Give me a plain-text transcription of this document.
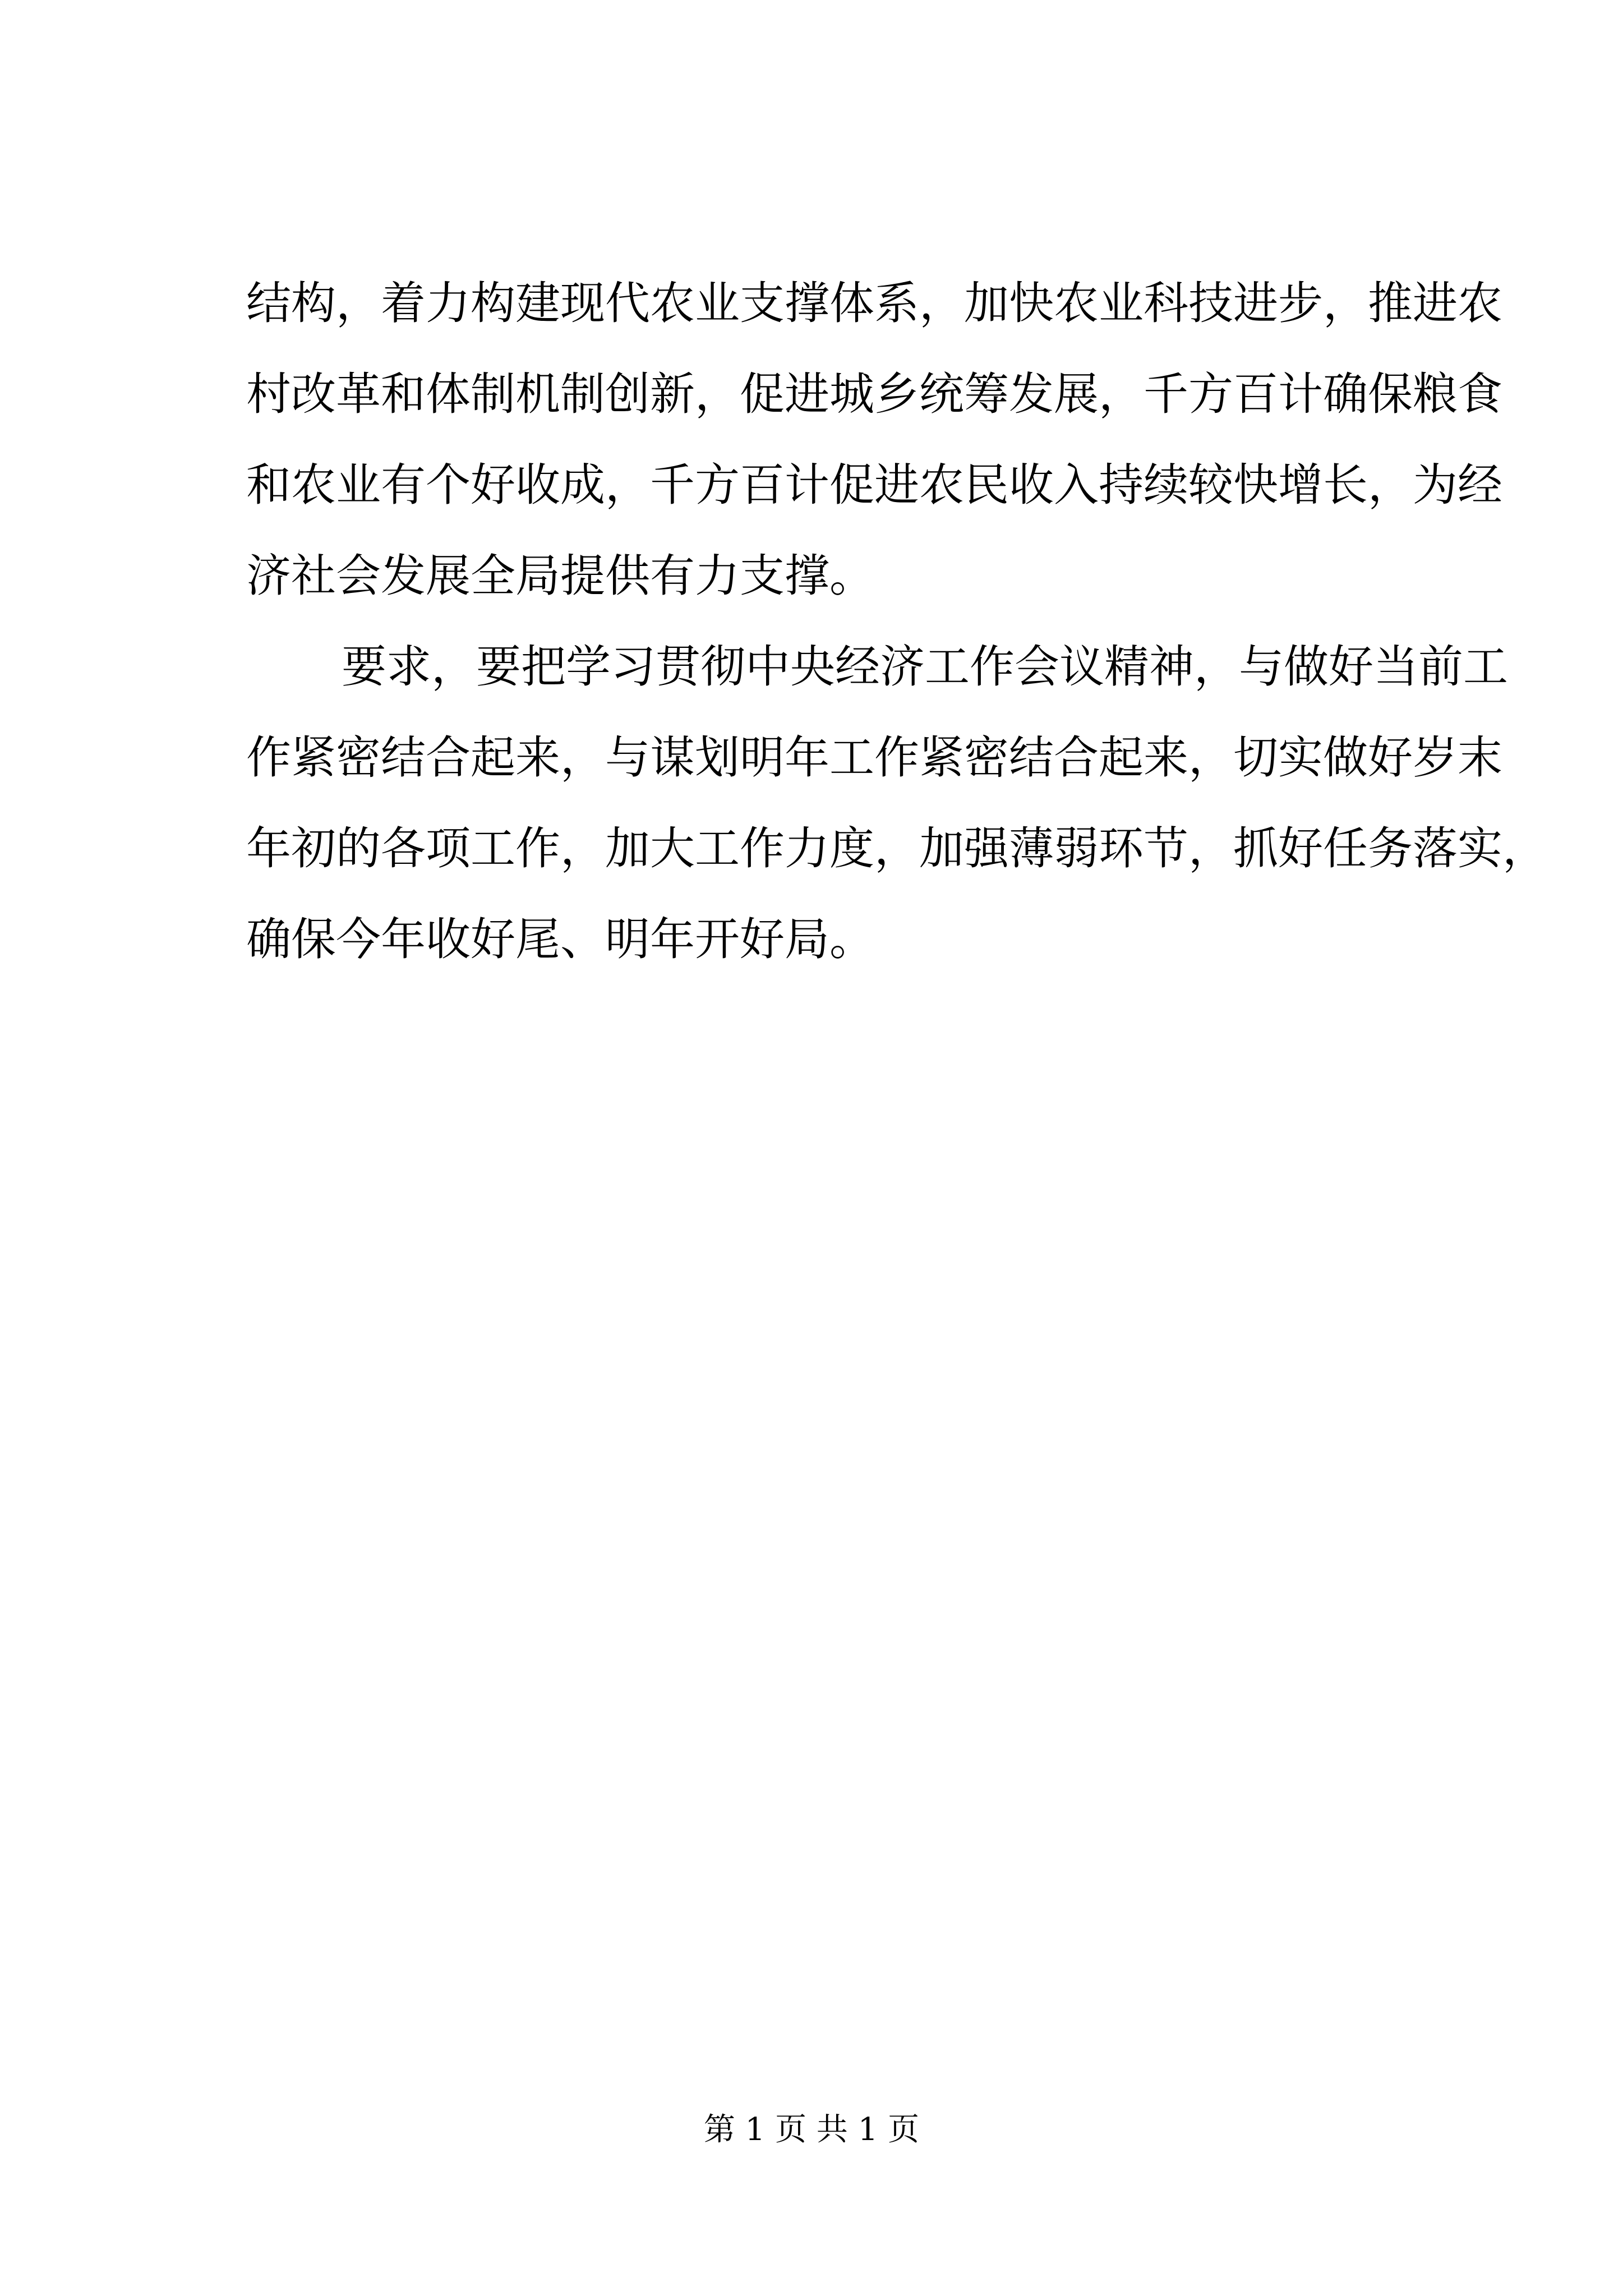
结构，着力构建现代农业支撑体系，加快农业科技进步，推进农
村改革和体制机制创新，促进城乡统筹发展，千方百计确保粮食
和农业有个好收成，千方百计促进农民收入持续较快增长，为经
济社会发展全局提供有力支撑。
要求，要把学习贯彻中央经济工作会议精神，与做好当前工
作紧密结合起来，与谋划明年工作紧密结合起来，切实做好岁末
年初的各项工作，加大工作力度，加强薄弱环节，抓好任务落实，
确保今年收好尾、明年开好局。
第 1 页 共 1 页
